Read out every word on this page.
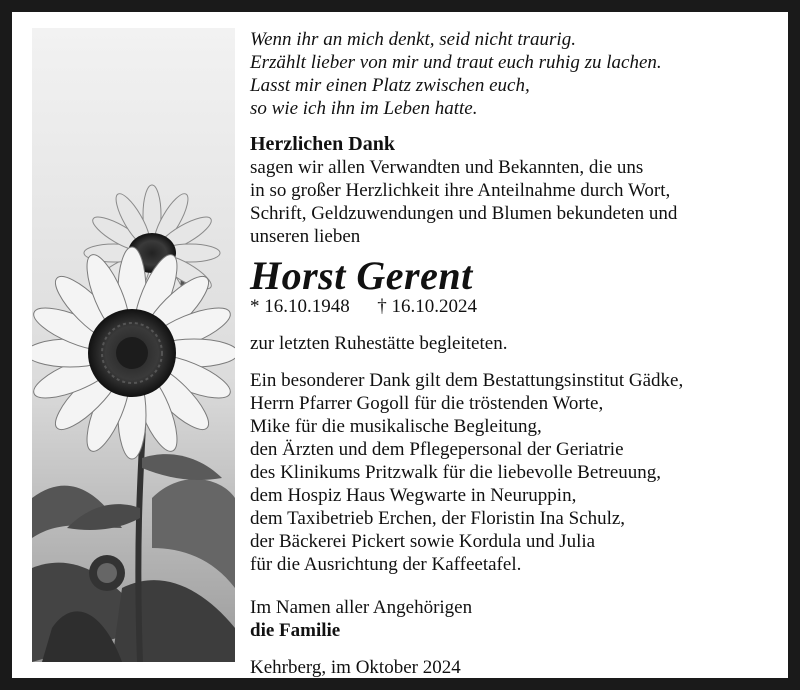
Wenn ihr an mich denkt, seid nicht traurig.
Erzählt lieber von mir und traut euch ruhig zu lachen.
Lasst mir einen Platz zwischen euch,
so wie ich ihn im Leben hatte.
Herzlichen Dank
sagen wir allen Verwandten und Bekannten, die uns
in so großer Herzlichkeit ihre Anteilnahme durch Wort,
Schrift, Geldzuwendungen und Blumen bekundeten und
unseren lieben
Horst Gerent
* 16.10.1948 † 16.10.2024
zur letzten Ruhestätte begleiteten.
Ein besonderer Dank gilt dem Bestattungsinstitut Gädke,
Herrn Pfarrer Gogoll für die tröstenden Worte,
Mike für die musikalische Begleitung,
den Ärzten und dem Pflegepersonal der Geriatrie
des Klinikums Pritzwalk für die liebevolle Betreuung,
dem Hospiz Haus Wegwarte in Neuruppin,
dem Taxibetrieb Erchen, der Floristin Ina Schulz,
der Bäckerei Pickert sowie Kordula und Julia
für die Ausrichtung der Kaffeetafel.
Im Namen aller Angehörigen
die Familie
Kehrberg, im Oktober 2024
